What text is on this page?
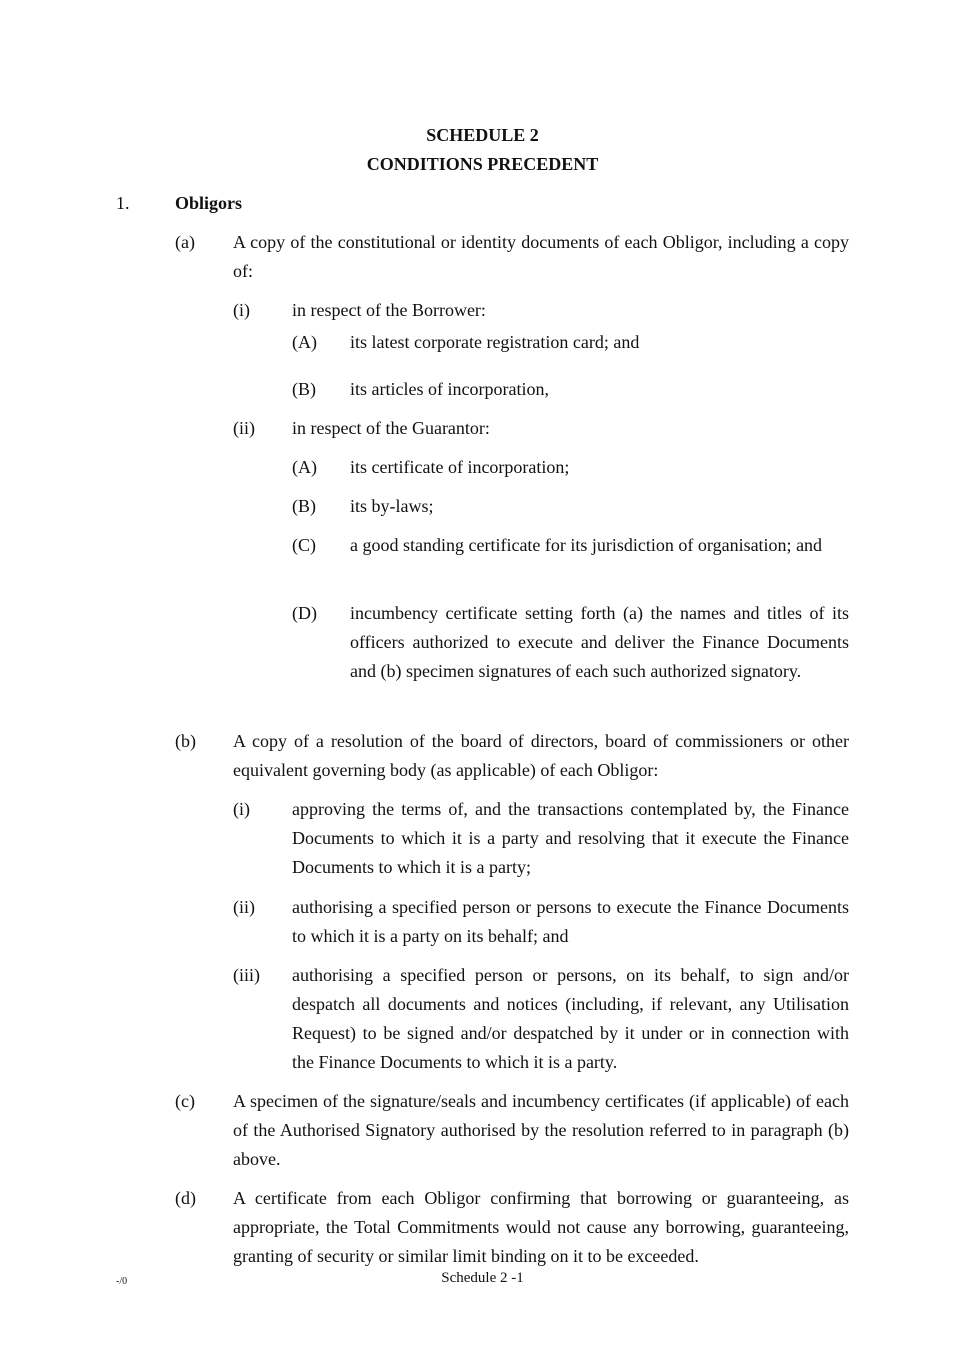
SCHEDULE 2
CONDITIONS PRECEDENT
1.	Obligors
(a) A copy of the constitutional or identity documents of each Obligor, including a copy of:
(i) in respect of the Borrower:
(A) its latest corporate registration card; and
(B) its articles of incorporation,
(ii) in respect of the Guarantor:
(A) its certificate of incorporation;
(B) its by-laws;
(C) a good standing certificate for its jurisdiction of organisation; and
(D) incumbency certificate setting forth (a) the names and titles of its officers authorized to execute and deliver the Finance Documents and (b) specimen signatures of each such authorized signatory.
(b) A copy of a resolution of the board of directors, board of commissioners or other equivalent governing body (as applicable) of each Obligor:
(i) approving the terms of, and the transactions contemplated by, the Finance Documents to which it is a party and resolving that it execute the Finance Documents to which it is a party;
(ii) authorising a specified person or persons to execute the Finance Documents to which it is a party on its behalf; and
(iii) authorising a specified person or persons, on its behalf, to sign and/or despatch all documents and notices (including, if relevant, any Utilisation Request) to be signed and/or despatched by it under or in connection with the Finance Documents to which it is a party.
(c) A specimen of the signature/seals and incumbency certificates (if applicable) of each of the Authorised Signatory authorised by the resolution referred to in paragraph (b) above.
(d) A certificate from each Obligor confirming that borrowing or guaranteeing, as appropriate, the Total Commitments would not cause any borrowing, guaranteeing, granting of security or similar limit binding on it to be exceeded.
-/0	Schedule 2 -1
